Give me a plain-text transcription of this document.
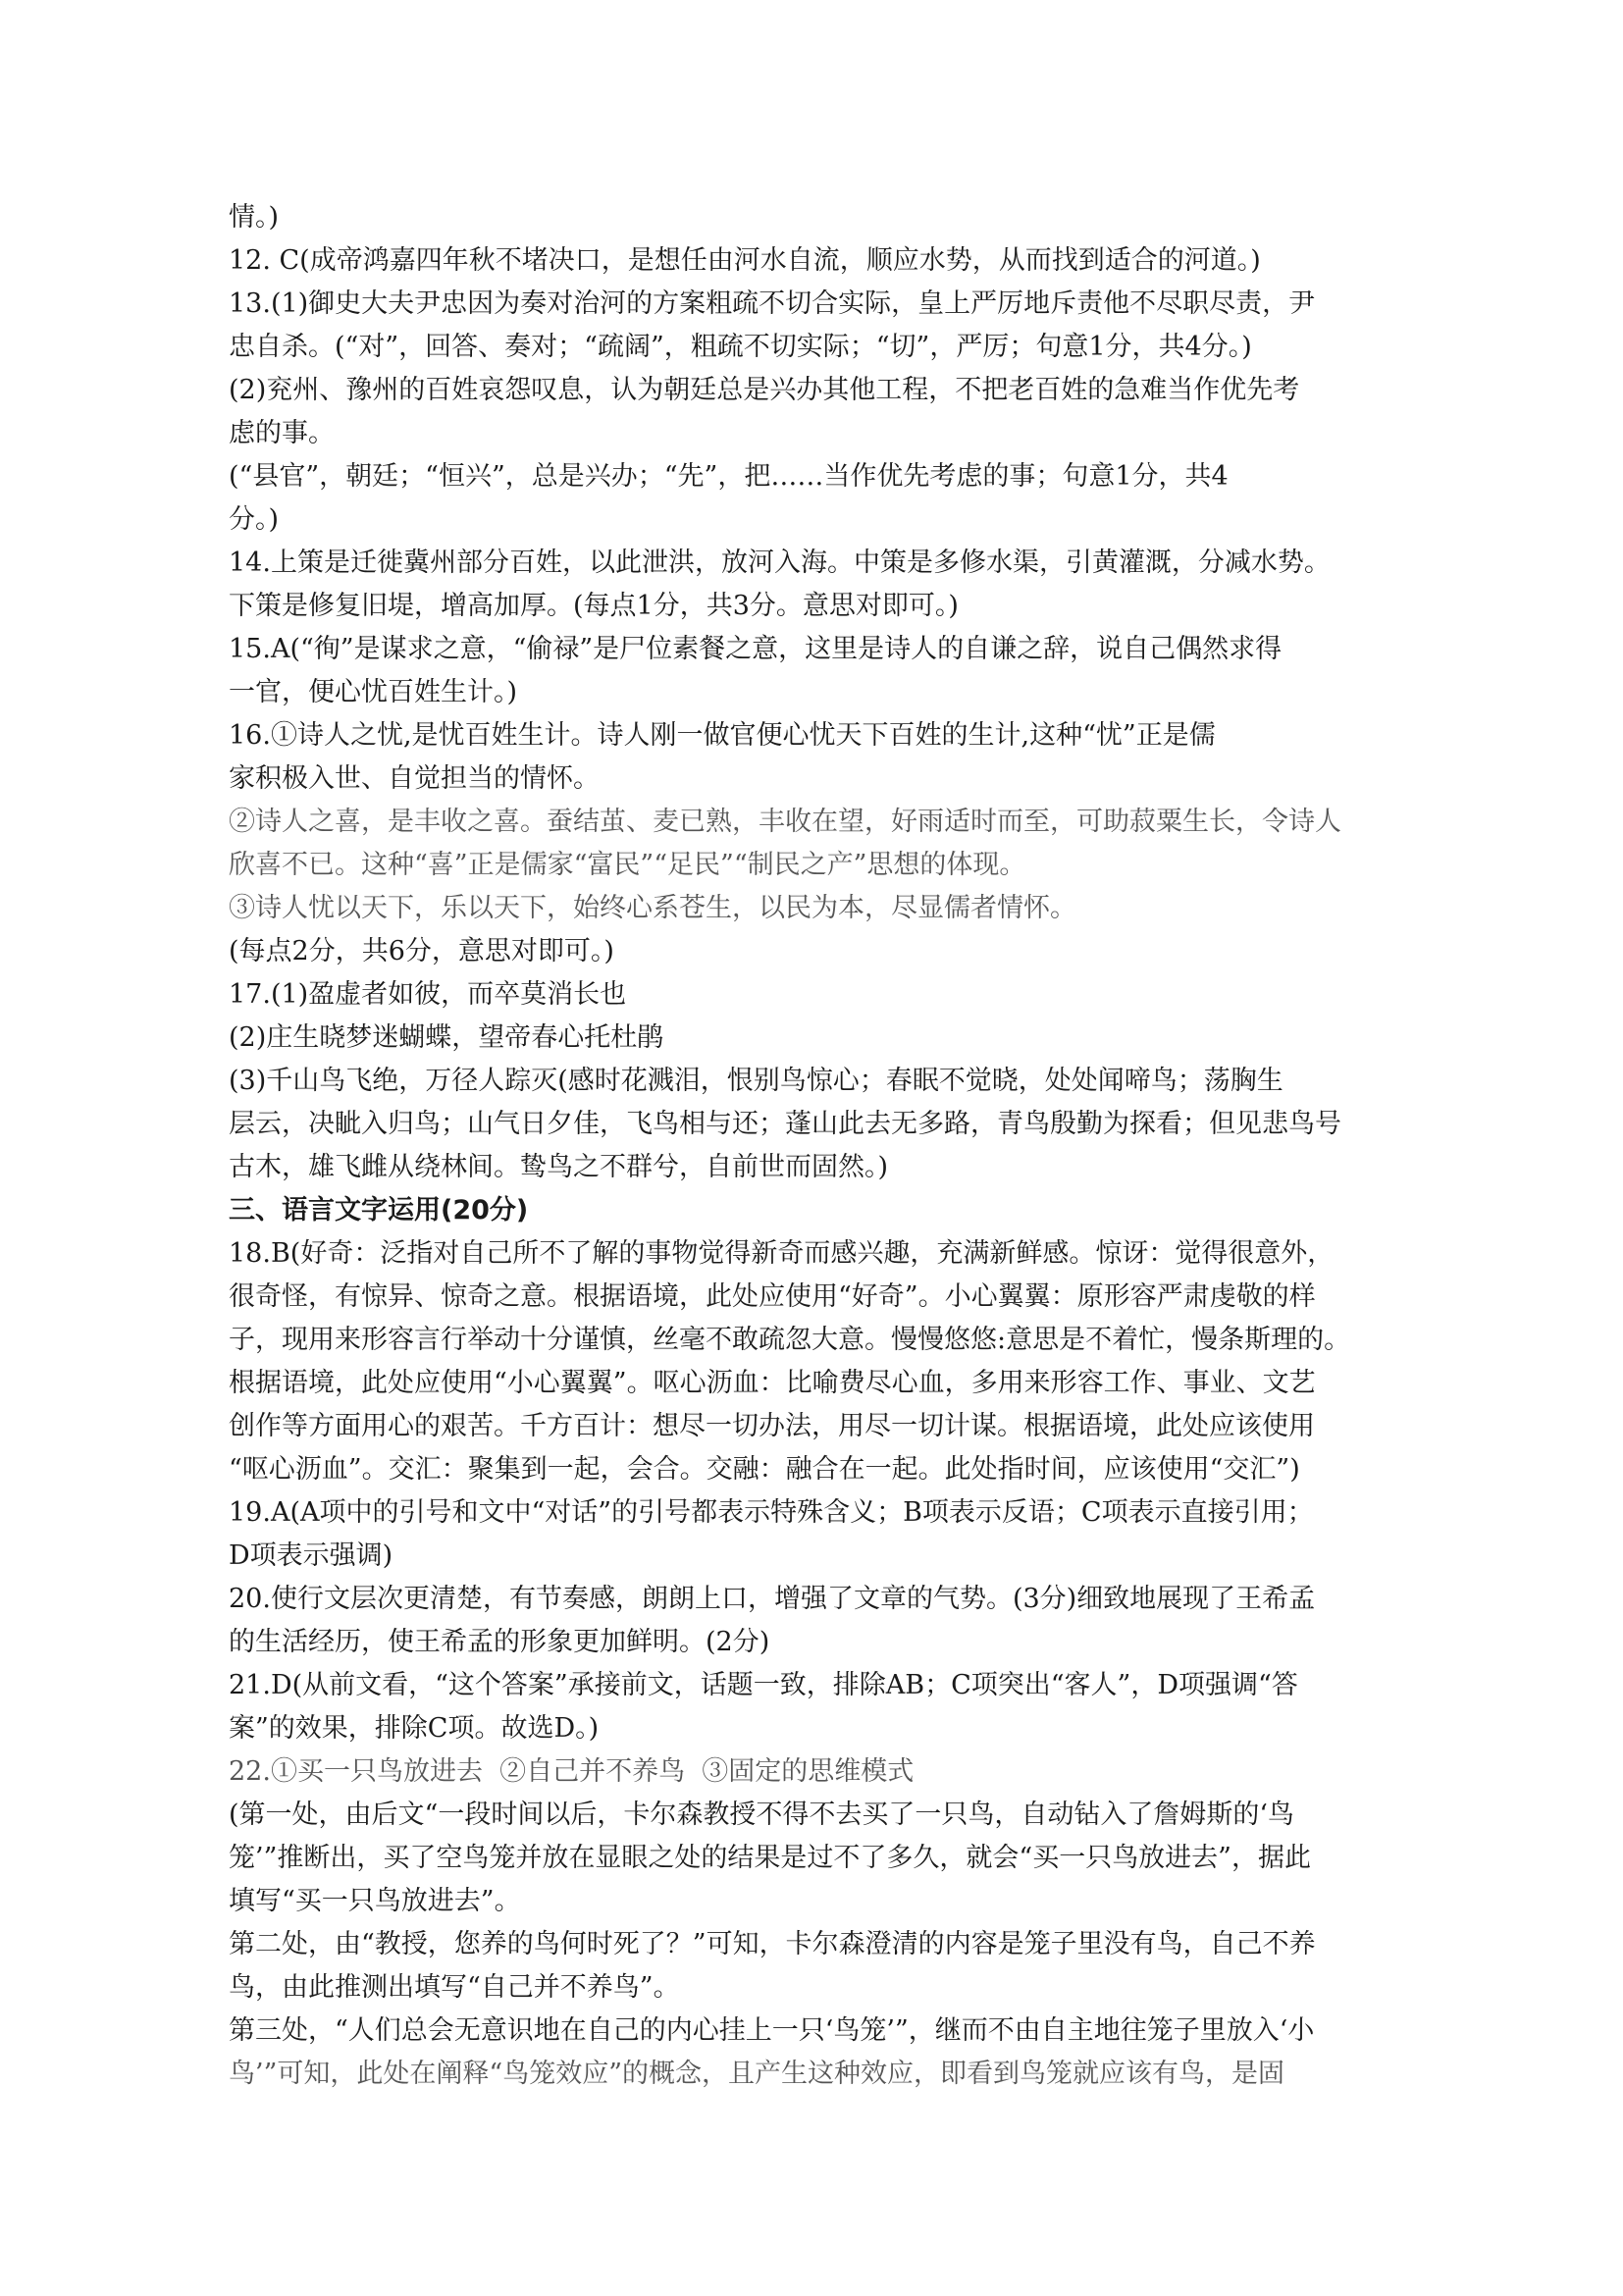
情。)
12. C(成帝鸿嘉四年秋不堵决口，是想任由河水自流，顺应水势，从而找到适合的河道。)
13.(1)御史大夫尹忠因为奏对治河的方案粗疏不切合实际，皇上严厉地斥责他不尽职尽责，尹
忠自杀。(“对”，回答、奏对；“疏阔”，粗疏不切实际；“切”，严厉；句意1分，共4分。)
(2)兖州、豫州的百姓哀怨叹息，认为朝廷总是兴办其他工程，不把老百姓的急难当作优先考
虑的事。
(“县官”，朝廷；“恒兴”，总是兴办；“先”，把……当作优先考虑的事；句意1分，共4
分。)
14.上策是迁徙冀州部分百姓，以此泄洪，放河入海。中策是多修水渠，引黄灌溉，分减水势。
下策是修复旧堤，增高加厚。(每点1分，共3分。意思对即可。)
15.A(“徇”是谋求之意，“偷禄”是尸位素餐之意，这里是诗人的自谦之辞，说自己偶然求得
一官，便心忧百姓生计。)
16.①诗人之忧,是忧百姓生计。诗人刚一做官便心忧天下百姓的生计,这种“忧”正是儒
家积极入世、自觉担当的情怀。
②诗人之喜，是丰收之喜。蚕结茧、麦已熟，丰收在望，好雨适时而至，可助菽粟生长，令诗人
欣喜不已。这种“喜”正是儒家“富民”“足民”“制民之产”思想的体现。
③诗人忧以天下，乐以天下，始终心系苍生，以民为本，尽显儒者情怀。
(每点2分，共6分，意思对即可。)
17.(1)盈虚者如彼，而卒莫消长也
(2)庄生晓梦迷蝴蝶，望帝春心托杜鹃
(3)千山鸟飞绝，万径人踪灭(感时花溅泪，恨别鸟惊心；春眠不觉晓，处处闻啼鸟；荡胸生
层云，决眦入归鸟；山气日夕佳，飞鸟相与还；蓬山此去无多路，青鸟殷勤为探看；但见悲鸟号
古木，雄飞雌从绕林间。鸷鸟之不群兮，自前世而固然。)
三、语言文字运用(20分)
18.B(好奇：泛指对自己所不了解的事物觉得新奇而感兴趣，充满新鲜感。惊讶：觉得很意外，
很奇怪，有惊异、惊奇之意。根据语境，此处应使用“好奇”。小心翼翼：原形容严肃虔敬的样
子，现用来形容言行举动十分谨慎，丝毫不敢疏忽大意。慢慢悠悠:意思是不着忙，慢条斯理的。
根据语境，此处应使用“小心翼翼”。呕心沥血：比喻费尽心血，多用来形容工作、事业、文艺
创作等方面用心的艰苦。千方百计：想尽一切办法，用尽一切计谋。根据语境，此处应该使用
“呕心沥血”。交汇：聚集到一起，会合。交融：融合在一起。此处指时间，应该使用“交汇”)
19.A(A项中的引号和文中“对话”的引号都表示特殊含义；B项表示反语；C项表示直接引用；
D项表示强调)
20.使行文层次更清楚，有节奏感，朗朗上口，增强了文章的气势。(3分)细致地展现了王希孟
的生活经历，使王希孟的形象更加鲜明。(2分)
21.D(从前文看，“这个答案”承接前文，话题一致，排除AB；C项突出“客人”，D项强调“答
案”的效果，排除C项。故选D。)
22.①买一只鸟放进去  ②自己并不养鸟  ③固定的思维模式
(第一处，由后文“一段时间以后，卡尔森教授不得不去买了一只鸟，自动钻入了詹姆斯的‘鸟
笼’”推断出，买了空鸟笼并放在显眼之处的结果是过不了多久，就会“买一只鸟放进去”，据此
填写“买一只鸟放进去”。
第二处，由“教授，您养的鸟何时死了？”可知，卡尔森澄清的内容是笼子里没有鸟，自己不养
鸟，由此推测出填写“自己并不养鸟”。
第三处，“人们总会无意识地在自己的内心挂上一只‘鸟笼’”，继而不由自主地往笼子里放入‘小
鸟’”可知，此处在阐释“鸟笼效应”的概念，且产生这种效应，即看到鸟笼就应该有鸟，是固
